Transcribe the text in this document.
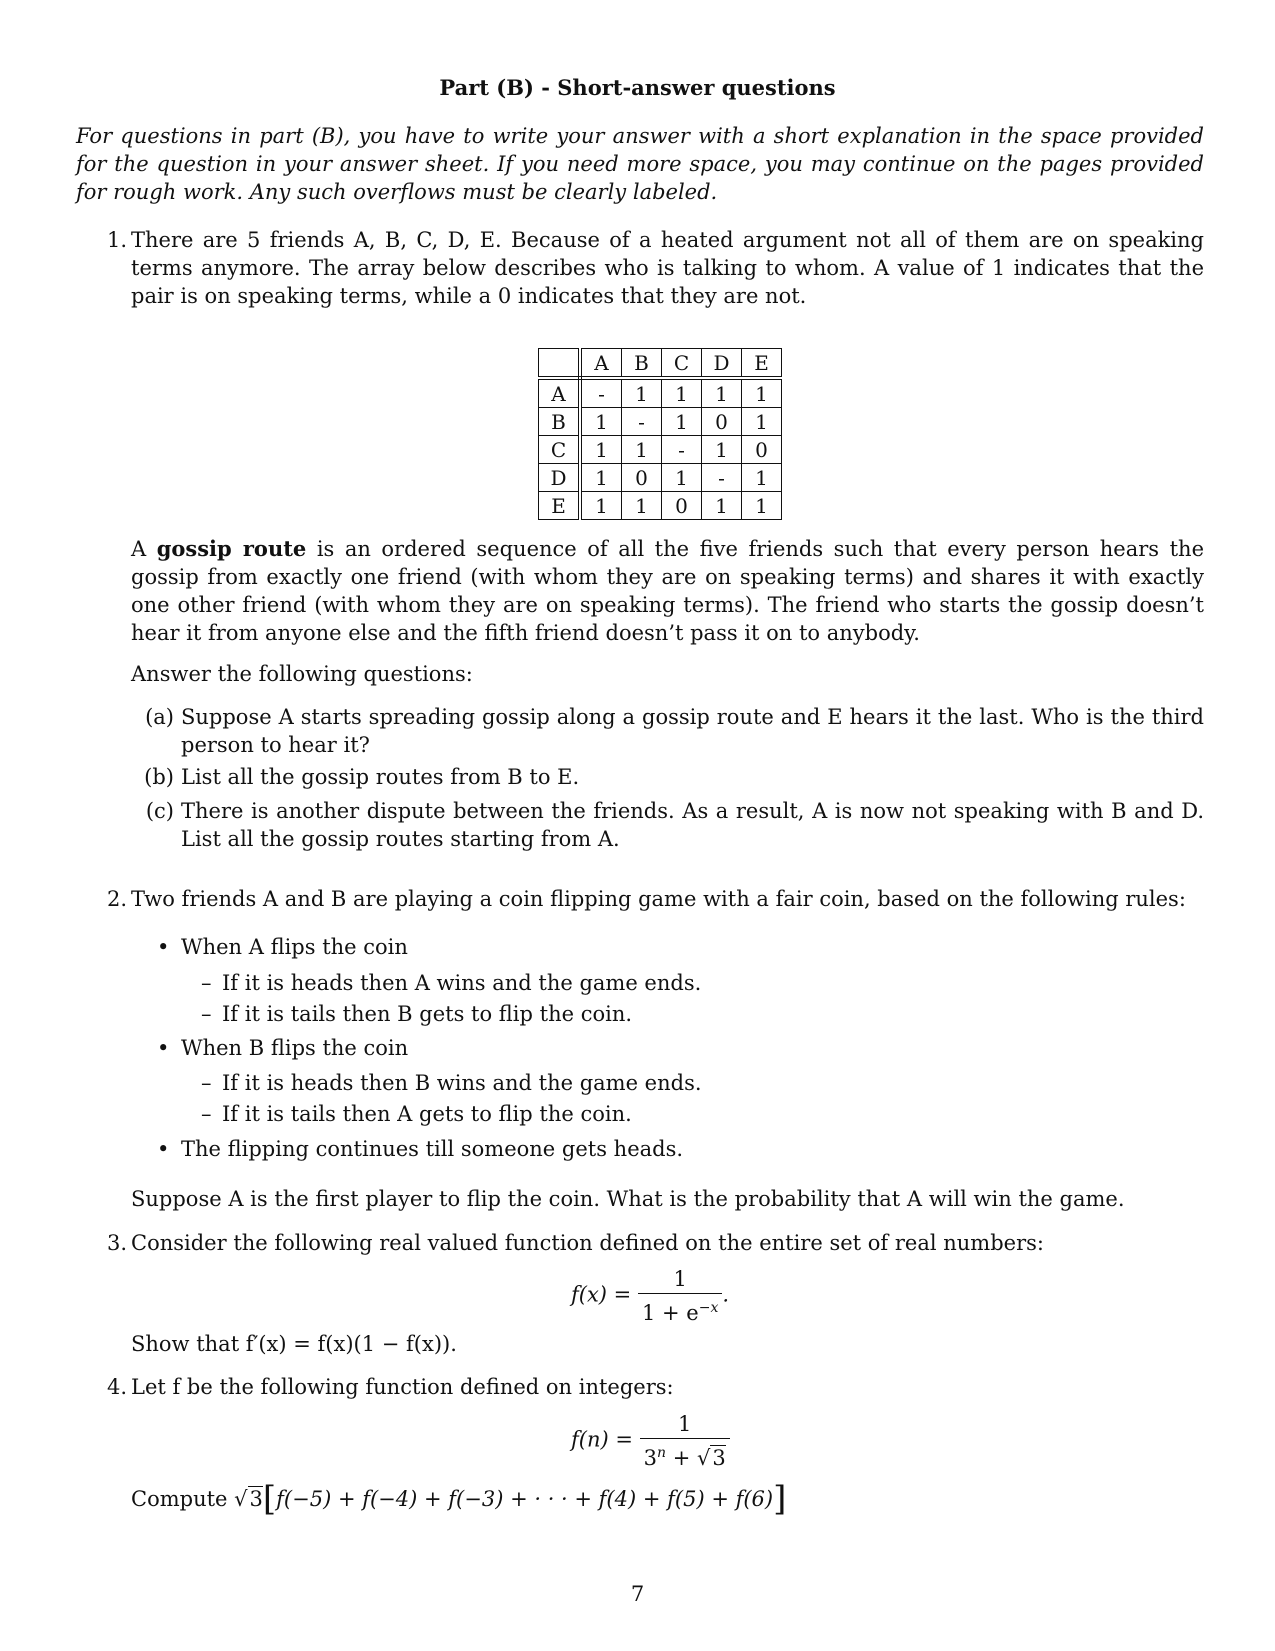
Part (B) - Short-answer questions
For questions in part (B), you have to write your answer with a short explanation in the space provided for the question in your answer sheet. If you need more space, you may continue on the pages provided for rough work. Any such overflows must be clearly labeled.
1. There are 5 friends A, B, C, D, E. Because of a heated argument not all of them are on speaking terms anymore. The array below describes who is talking to whom. A value of 1 indicates that the pair is on speaking terms, while a 0 indicates that they are not.
	A	B	C	D	E
A	-	1	1	1	1
B	1	-	1	0	1
C	1	1	-	1	0
D	1	0	1	-	1
E	1	1	0	1	1
A gossip route is an ordered sequence of all the five friends such that every person hears the gossip from exactly one friend (with whom they are on speaking terms) and shares it with exactly one other friend (with whom they are on speaking terms). The friend who starts the gossip doesn’t hear it from anyone else and the fifth friend doesn’t pass it on to anybody.
Answer the following questions:
(a) Suppose A starts spreading gossip along a gossip route and E hears it the last. Who is the third person to hear it?
(b) List all the gossip routes from B to E.
(c) There is another dispute between the friends. As a result, A is now not speaking with B and D. List all the gossip routes starting from A.
2. Two friends A and B are playing a coin flipping game with a fair coin, based on the following rules:
• When A flips the coin
– If it is heads then A wins and the game ends.
– If it is tails then B gets to flip the coin.
• When B flips the coin
– If it is heads then B wins and the game ends.
– If it is tails then A gets to flip the coin.
• The flipping continues till someone gets heads.
Suppose A is the first player to flip the coin. What is the probability that A will win the game.
3. Consider the following real valued function defined on the entire set of real numbers:
$f(x) = \frac{1}{1 + e^{-x}}$ .
Show that f′(x) = f(x)(1 − f(x)).
4. Let f be the following function defined on integers:
$f(n) = \frac{1}{3^n + √3}$
Compute √3[f(−5) + f(−4) + f(−3) + · · · + f(4) + f(5) + f(6)]
7
